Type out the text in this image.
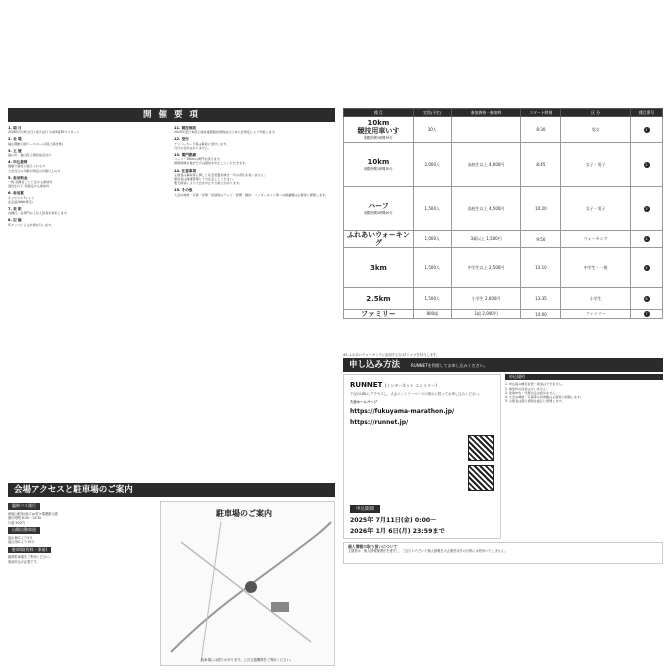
開 催 要 項
1. 期 日
2026年1月6日(日) 雨天決行 午前9時30分スタート
2. 会 場
福山運動公園コースゴール(陸上競技場)
3. 主 催
福山市、福山陸上競技協会ほか
4. 申込資格
健康で競技に耐えられる方
大会当日の年齢が規定の年齢以上の方
5. 参加料金
一般 各種目ごとに定める参加料
高校生以下 別途定める参加料
6. 参加賞
オリジナルTシャツ
完走証(Web発行)
7. 表 彰
各種目・各部門の上位入賞者を表彰します。
8. 記 録
ICチップによる計測を行います。
11. 競技規則
2025年度日本陸上競技連盟競技規則並びに本大会規定により実施します。
12. 受付
ナンバーカード等は事前に送付します。
当日の受付はありません。
13. 関門閉鎖
ハーフ・10kmの関門を設けます。
制限時間を過ぎた方は競技を中止していただきます。
14. 注意事項
主催者は事故等に関して応急処置を除き一切の責任を負いません。
参加者は健康管理に十分注意してください。
悪天候等により大会を中止する場合があります。
15. その他
大会の映像・写真・記事・記録等のテレビ・新聞・雑誌・インターネット等への掲載権は主催者に帰属します。
会場アクセスと駐車場のご案内
臨時バス運行
JR福山駅前(南口)⇄竹ケ端運動公園
運行時間 6:30〜13:30
片道 500円
山陽自動車道
福山東ICより5分
福山西ICより15分
駐車場(有料・事前)
臨時駐車場をご利用ください。
事前申込が必要です。
駐車場のご案内
駐車場には限りがあります。公共交通機関をご利用ください。
種 目	定員(予定)	参加資格・参加料	スタート時刻	区 分	種目番号

10km
競技用車いす
制限時間1時間35分	30人		8:30	男女	1

10km
制限時間1時間30分	2,000人	高校生以上 4,000円	8:45	女子・男子	2

ハーフ
制限時間2時間40分	1,500人	高校生以上 4,500円	10:20	女子・男子	3

ふれあいウォーキング	1,000人	3歳以上 1,500円	9:50	ウォーキング	4

3km	1,500人	中学生以上 2,500円	13:10	中学生・一般	5

2.5km	1,500人	小学生 2,000円	13:35	小学生	6

ファミリー	800組	1組 2,000円	14:00	ファミリー	7
※1 ふれあいウォーキングに参加する方はTシャツを付与します。
申し込み方法	RUNNETを利用してお申し込みください。
RUNNET (インターネット エントリー)
下記のURLにアクセスし、大会エントリーページの指示に従ってお申し込みください。
大会ホームページ
https://fukuyama-marathon.jp/
https://runnet.jp/
申込期間
2025年 7月11日(金) 0:00〜
2026年 1月 6日(月) 23:59まで
申込規約
1. 申込後の種目変更・取消はできません。
2. 参加料の返金は行いません。
3. 虚偽申告・代理出走は認めません。
4. 大会の映像・写真等の肖像権は主催者に帰属します。
5. 主催者は個人情報を適正に管理します。
個人情報の取り扱いについて
主催者は、個人情報保護法を遵守し、ご記入いただいた個人情報を大会運営以外の目的には使用いたしません。
